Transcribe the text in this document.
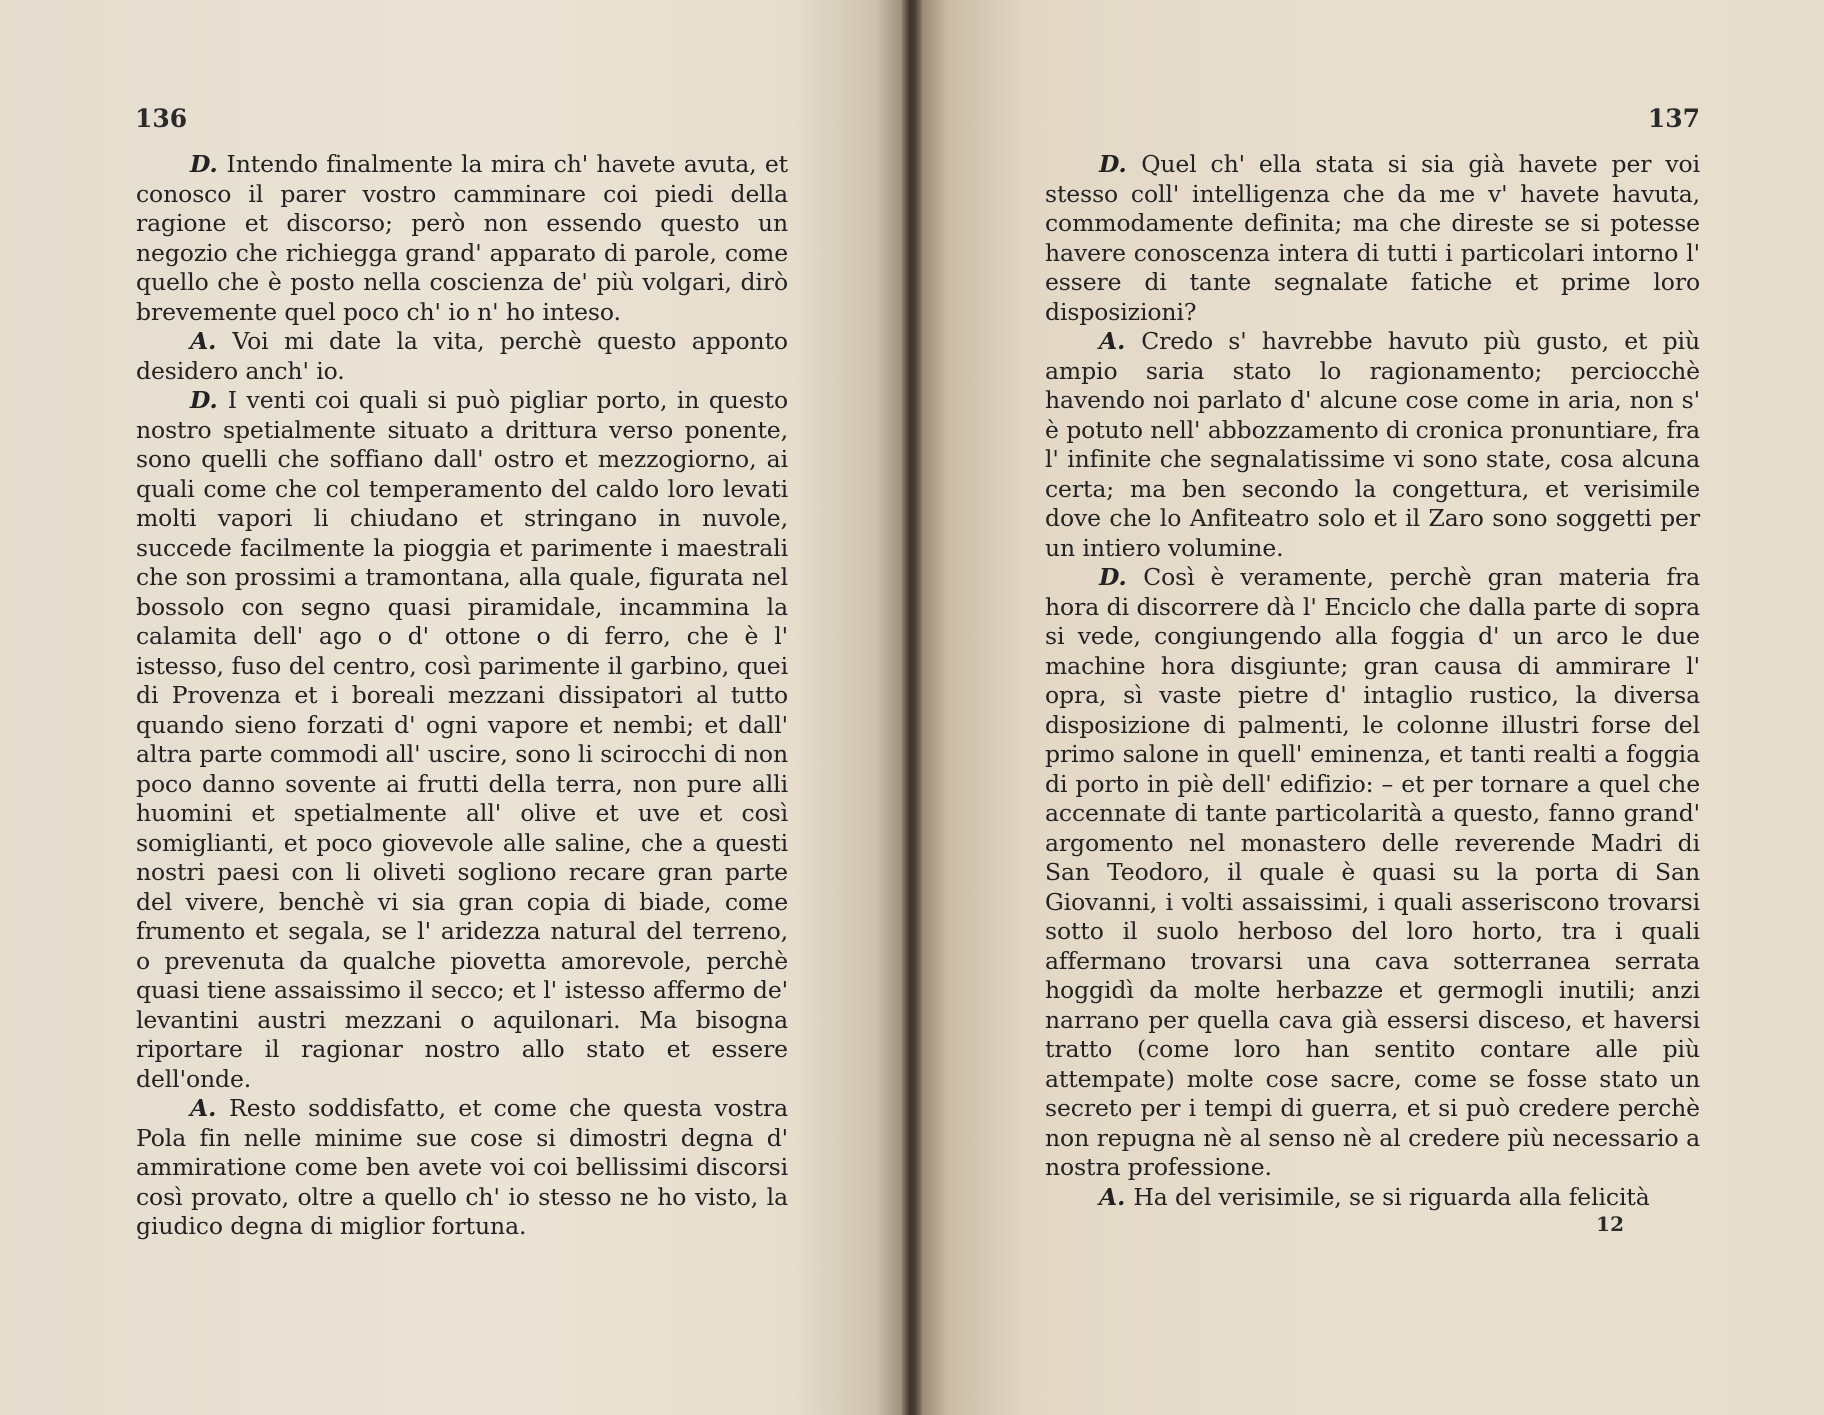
136

D. Intendo finalmente la mira ch' havete avuta, et conosco il parer vostro camminare coi piedi della ragione et discorso; però non essendo questo un negozio che richiegga grand' apparato di parole, come quello che è posto nella coscienza de' più volgari, dirò brevemente quel poco ch' io n' ho inteso.

A. Voi mi date la vita, perchè questo apponto desidero anch' io.

D. I venti coi quali si può pigliar porto, in questo nostro spetialmente situato a drittura verso ponente, sono quelli che soffiano dall' ostro et mezzogiorno, ai quali come che col temperamento del caldo loro levati molti vapori li chiudano et stringano in nuvole, succede facilmente la pioggia et parimente i maestrali che son prossimi a tramontana, alla quale, figurata nel bossolo con segno quasi piramidale, incammina la calamita dell' ago o d' ottone o di ferro, che è l' istesso, fuso del centro, così parimente il garbino, quei di Provenza et i boreali mezzani dissipatori al tutto quando sieno forzati d' ogni vapore et nembi; et dall' altra parte commodi all' uscire, sono li scirocchi di non poco danno sovente ai frutti della terra, non pure alli huomini et spetialmente all' olive et uve et così somiglianti, et poco giovevole alle saline, che a questi nostri paesi con li oliveti sogliono recare gran parte del vivere, benchè vi sia gran copia di biade, come frumento et segala, se l' aridezza natural del terreno, o prevenuta da qualche piovetta amorevole, perchè quasi tiene assaissimo il secco; et l' istesso affermo de' levantini austri mezzani o aquilonari. Ma bisogna riportare il ragionar nostro allo stato et essere dell'onde.

A. Resto soddisfatto, et come che questa vostra Pola fin nelle minime sue cose si dimostri degna d' ammiratione come ben avete voi coi bellissimi discorsi così provato, oltre a quello ch' io stesso ne ho visto, la giudico degna di miglior fortuna.

137

D. Quel ch' ella stata si sia già havete per voi stesso coll' intelligenza che da me v' havete havuta, commodamente definita; ma che direste se si potesse havere conoscenza intera di tutti i particolari intorno l' essere di tante segnalate fatiche et prime loro disposizioni?

A. Credo s' havrebbe havuto più gusto, et più ampio saria stato lo ragionamento; perciocchè havendo noi parlato d' alcune cose come in aria, non s' è potuto nell' abbozzamento di cronica pronuntiare, fra l' infinite che segnalatissime vi sono state, cosa alcuna certa; ma ben secondo la congettura, et verisimile dove che lo Anfiteatro solo et il Zaro sono soggetti per un intiero volumine.

D. Così è veramente, perchè gran materia fra hora di discorrere dà l' Enciclo che dalla parte di sopra si vede, congiungendo alla foggia d' un arco le due machine hora disgiunte; gran causa di ammirare l' opra, sì vaste pietre d' intaglio rustico, la diversa disposizione di palmenti, le colonne illustri forse del primo salone in quell' eminenza, et tanti realti a foggia di porto in piè dell' edifizio: – et per tornare a quel che accennate di tante particolarità a questo, fanno grand' argomento nel monastero delle reverende Madri di San Teodoro, il quale è quasi su la porta di San Giovanni, i volti assaissimi, i quali asseriscono trovarsi sotto il suolo herboso del loro horto, tra i quali affermano trovarsi una cava sotterranea serrata hoggidì da molte herbazze et germogli inutili; anzi narrano per quella cava già essersi disceso, et haversi tratto (come loro han sentito contare alle più attempate) molte cose sacre, come se fosse stato un secreto per i tempi di guerra, et si può credere perchè non repugna nè al senso nè al credere più necessario a nostra professione.

A. Ha del verisimile, se si riguarda alla felicità

12
